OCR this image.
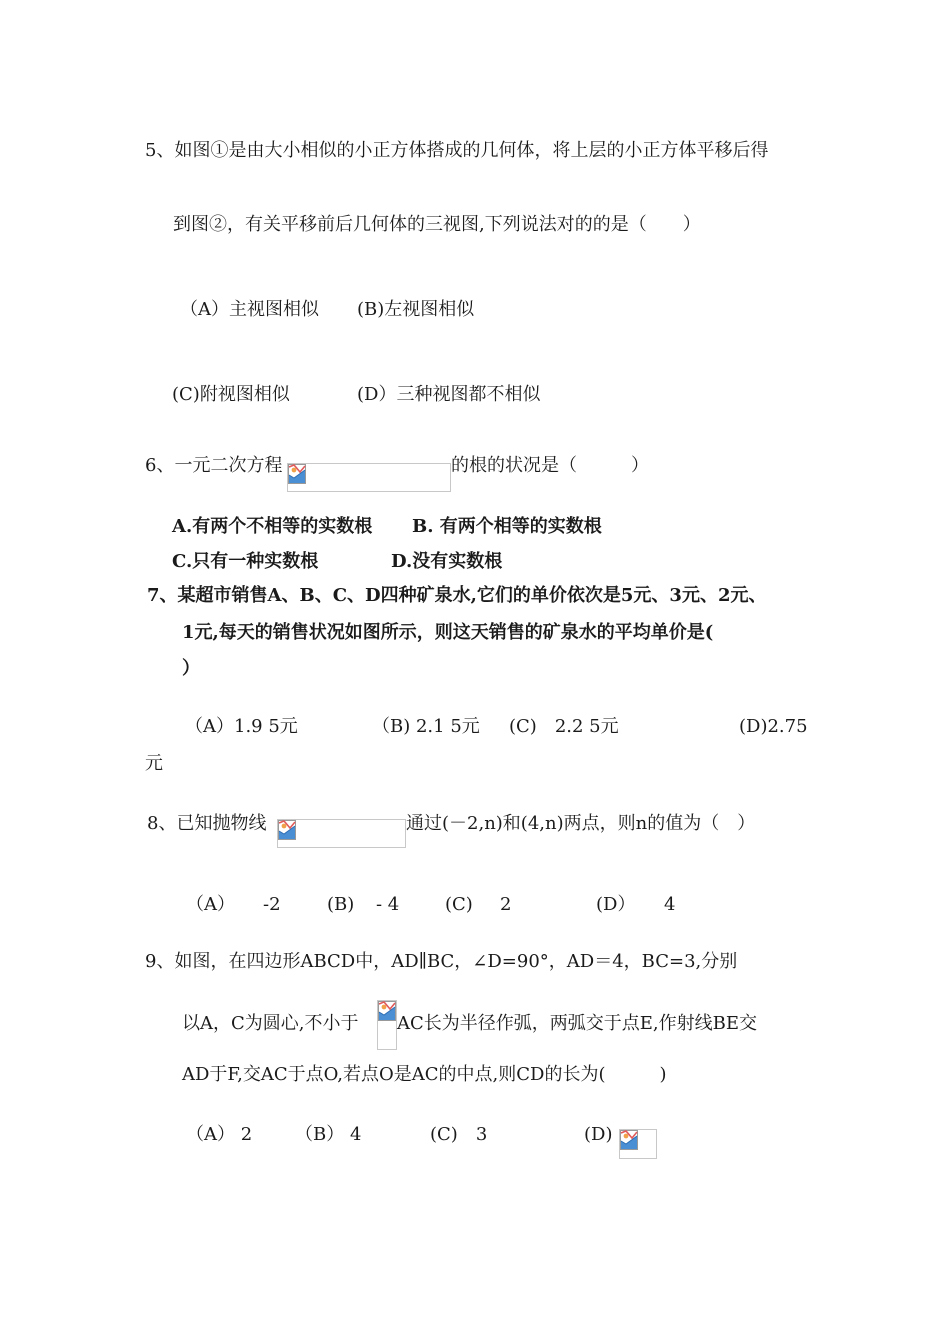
5、如图①是由大小相似的小正方体搭成的几何体，将上层的小正方体平移后得
到图②，有关平移前后几何体的三视图,下列说法对的的是（　　）
（A）主视图相似 (B)左视图相似
(C)附视图相似	(D）三种视图都不相似
6、一元二次方程	的根的状况是（　　　）
A.有两个不相等的实数根 B. 有两个相等的实数根
C.只有一种实数根	D.没有实数根
7、某超市销售A、B、C、D四种矿泉水,它们的单价依次是5元、3元、2元、
1元,每天的销售状况如图所示，则这天销售的矿泉水的平均单价是(
）
（A）1.9 5元	（B) 2.1 5元 (C)　2.2 5元	(D)2.75
元
8、已知抛物线	通过(－2,n)和(4,n)两点，则n的值为（　）
（A） -2	(B) - 4	(C) 2	(D） 4
9、如图，在四边形ABCD中，AD∥BC，∠D=90°，AD＝4，BC=3,分别
以A，C为圆心,不小于 AC长为半径作弧，两弧交于点E,作射线BE交
AD于F,交AC于点O,若点O是AC的中点,则CD的长为(　　　)
（A） 2 （B） 4	(C)　3	(D)
